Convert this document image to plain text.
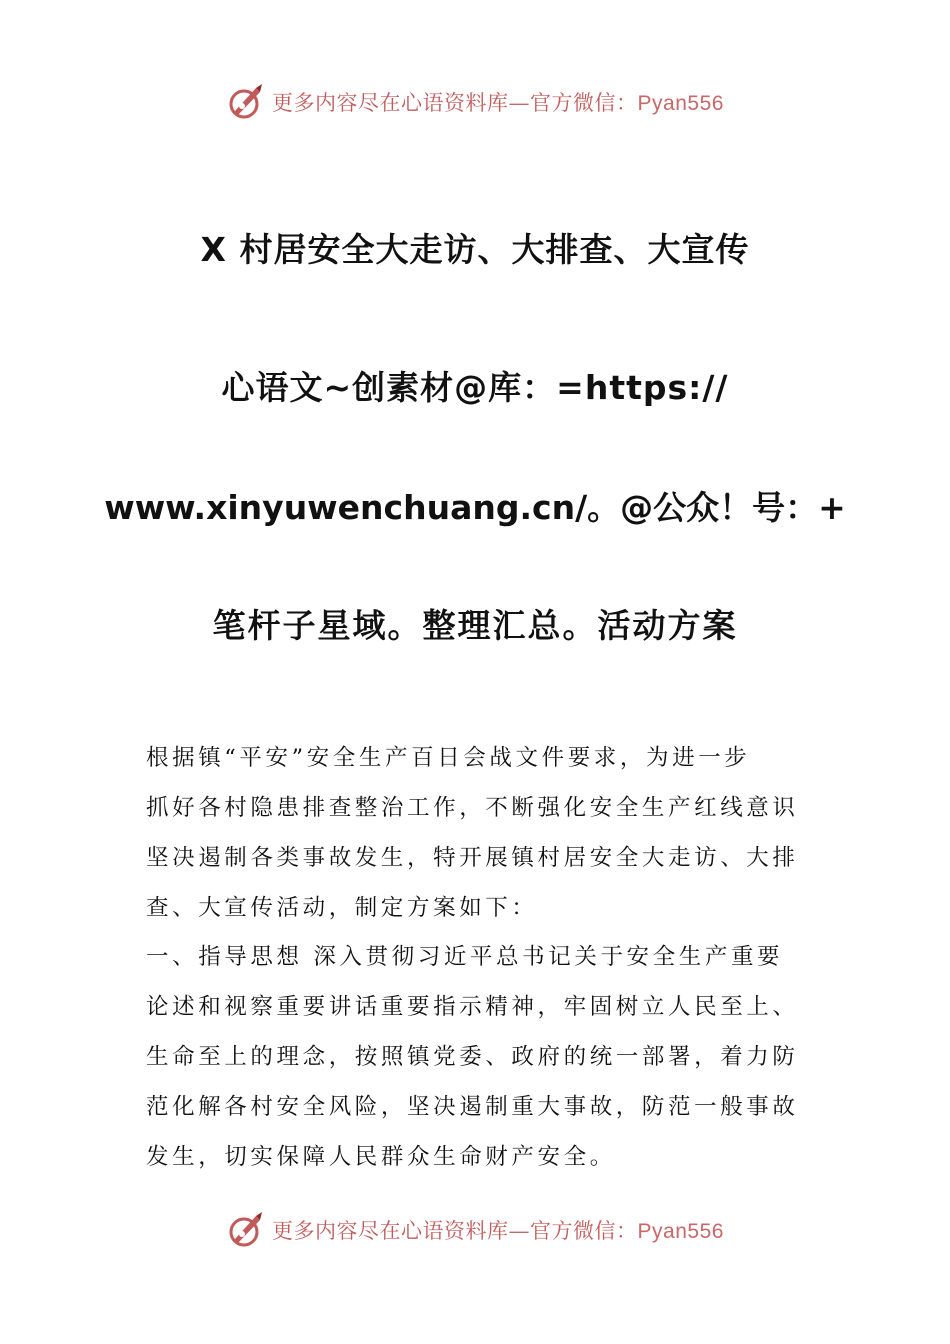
更多内容尽在心语资料库—官方微信：Pyan556
X 村居安全大走访、大排查、大宣传
心语文~创素材@库：=https://
www.xinyuwenchuang.cn/。@公众！号：+
笔杆子星域。整理汇总。活动方案
根据镇“平安”安全生产百日会战文件要求，为进一步
抓好各村隐患排查整治工作，不断强化安全生产红线意识
坚决遏制各类事故发生，特开展镇村居安全大走访、大排
查、大宣传活动，制定方案如下：
一、指导思想 深入贯彻习近平总书记关于安全生产重要
论述和视察重要讲话重要指示精神，牢固树立人民至上、
生命至上的理念，按照镇党委、政府的统一部署，着力防
范化解各村安全风险，坚决遏制重大事故，防范一般事故
发生，切实保障人民群众生命财产安全。
更多内容尽在心语资料库—官方微信：Pyan556
